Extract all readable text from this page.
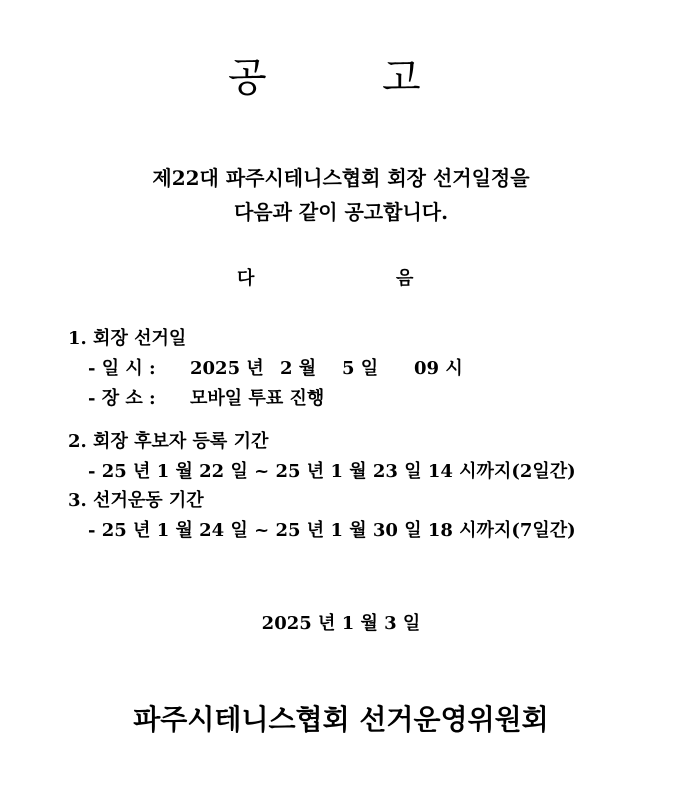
공	고
제22대 파주시테니스협회 회장 선거일정을
다음과 같이 공고합니다.
다	음
1. 회장 선거일
- 일 시 : 2025 년 2 월 5 일 09 시
- 장 소 : 모바일 투표 진행
2. 회장 후보자 등록 기간
- 25 년 1 월 22 일 ~ 25 년 1 월 23 일 14 시까지(2일간)
3. 선거운동 기간
- 25 년 1 월 24 일 ~ 25 년 1 월 30 일 18 시까지(7일간)
2025 년 1 월 3 일
파주시테니스협회 선거운영위원회
